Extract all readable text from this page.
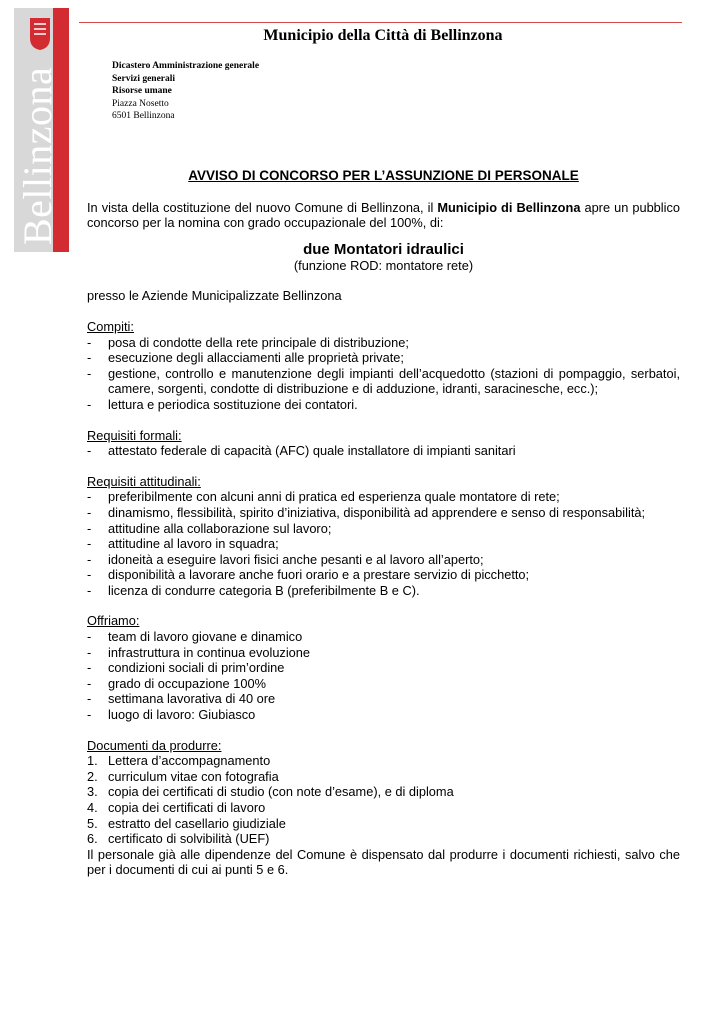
Bellinzona
Municipio della Città di Bellinzona
Dicastero Amministrazione generale
Servizi generali
Risorse umane
Piazza Nosetto
6501 Bellinzona
AVVISO DI CONCORSO PER L’ASSUNZIONE DI PERSONALE

In vista della costituzione del nuovo Comune di Bellinzona, il Municipio di Bellinzona apre un pubblico concorso per la nomina con grado occupazionale del 100%, di:

due Montatori idraulici

(funzione ROD: montatore rete)

presso le Aziende Municipalizzate Bellinzona

Compiti:

- posa di condotte della rete principale di distribuzione;
- esecuzione degli allacciamenti alle proprietà private;
- gestione, controllo e manutenzione degli impianti dell’acquedotto (stazioni di pompaggio, serbatoi, camere, sorgenti, condotte di distribuzione e di adduzione, idranti, saracinesche, ecc.);
- lettura e periodica sostituzione dei contatori.

Requisiti formali:

- attestato federale di capacità (AFC) quale installatore di impianti sanitari

Requisiti attitudinali:

- preferibilmente con alcuni anni di pratica ed esperienza quale montatore di rete;
- dinamismo, flessibilità, spirito d’iniziativa, disponibilità ad apprendere e senso di responsabilità;
- attitudine alla collaborazione sul lavoro;
- attitudine al lavoro in squadra;
- idoneità a eseguire lavori fisici anche pesanti e al lavoro all’aperto;
- disponibilità a lavorare anche fuori orario e a prestare servizio di picchetto;
- licenza di condurre categoria B (preferibilmente B e C).

Offriamo:

- team di lavoro giovane e dinamico
- infrastruttura in continua evoluzione
- condizioni sociali di prim’ordine
- grado di occupazione 100%
- settimana lavorativa di 40 ore
- luogo di lavoro: Giubiasco

Documenti da produrre:

1. Lettera d’accompagnamento
2. curriculum vitae con fotografia
3. copia dei certificati di studio (con note d’esame), e di diploma
4. copia dei certificati di lavoro
5. estratto del casellario giudiziale
6. certificato di solvibilità (UEF)

Il personale già alle dipendenze del Comune è dispensato dal produrre i documenti richiesti, salvo che per i documenti di cui ai punti 5 e 6.
